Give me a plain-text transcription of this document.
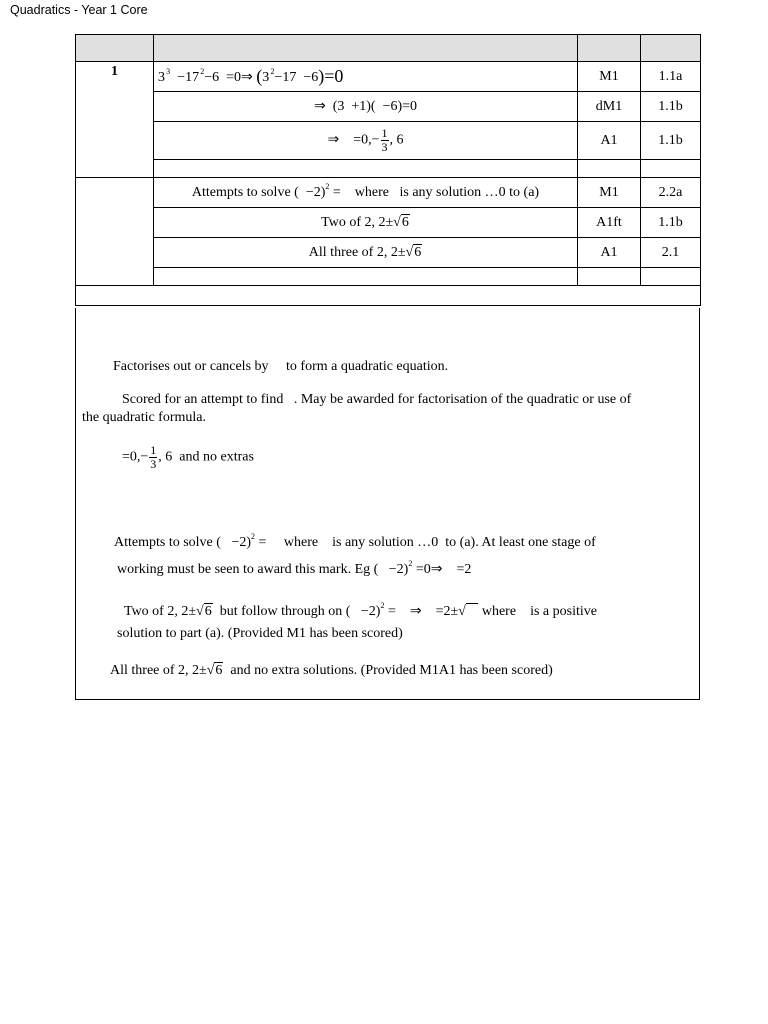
Quadratics - Year 1 Core

1	3 $^3$ −17 $^2$−6 =0⇒ (3 $^2$−17 −6)=0	M1	1.1a
	⇒ (3 +1)( −6)=0	dM1	1.1b
	⇒ $=0,- \frac{1}{3}$ , 6	A1	1.1b

	Attempts to solve ( −2)$^2$ = where is any solution …0 to (a)	M1	2.2a
	Two of 2, 2±√6	A1ft	1.1b
	All three of 2, 2±√6	A1	2.1

Factorises out or cancels by to form a quadratic equation.
Scored for an attempt to find . May be awarded for factorisation of the quadratic or use of
the quadratic formula.
$=0,- \frac{1}{3}$ , 6 and no extras
Attempts to solve ( −2)$^2$ = where is any solution …0 to (a). At least one stage of
working must be seen to award this mark. Eg ( −2)$^2$ =0⇒ =2
Two of 2, 2±√6 but follow through on ( −2)$^2$ = ⇒ =2±√ where is a positive
solution to part (a). (Provided M1 has been scored)
All three of 2, 2±√6 and no extra solutions. (Provided M1A1 has been scored)
